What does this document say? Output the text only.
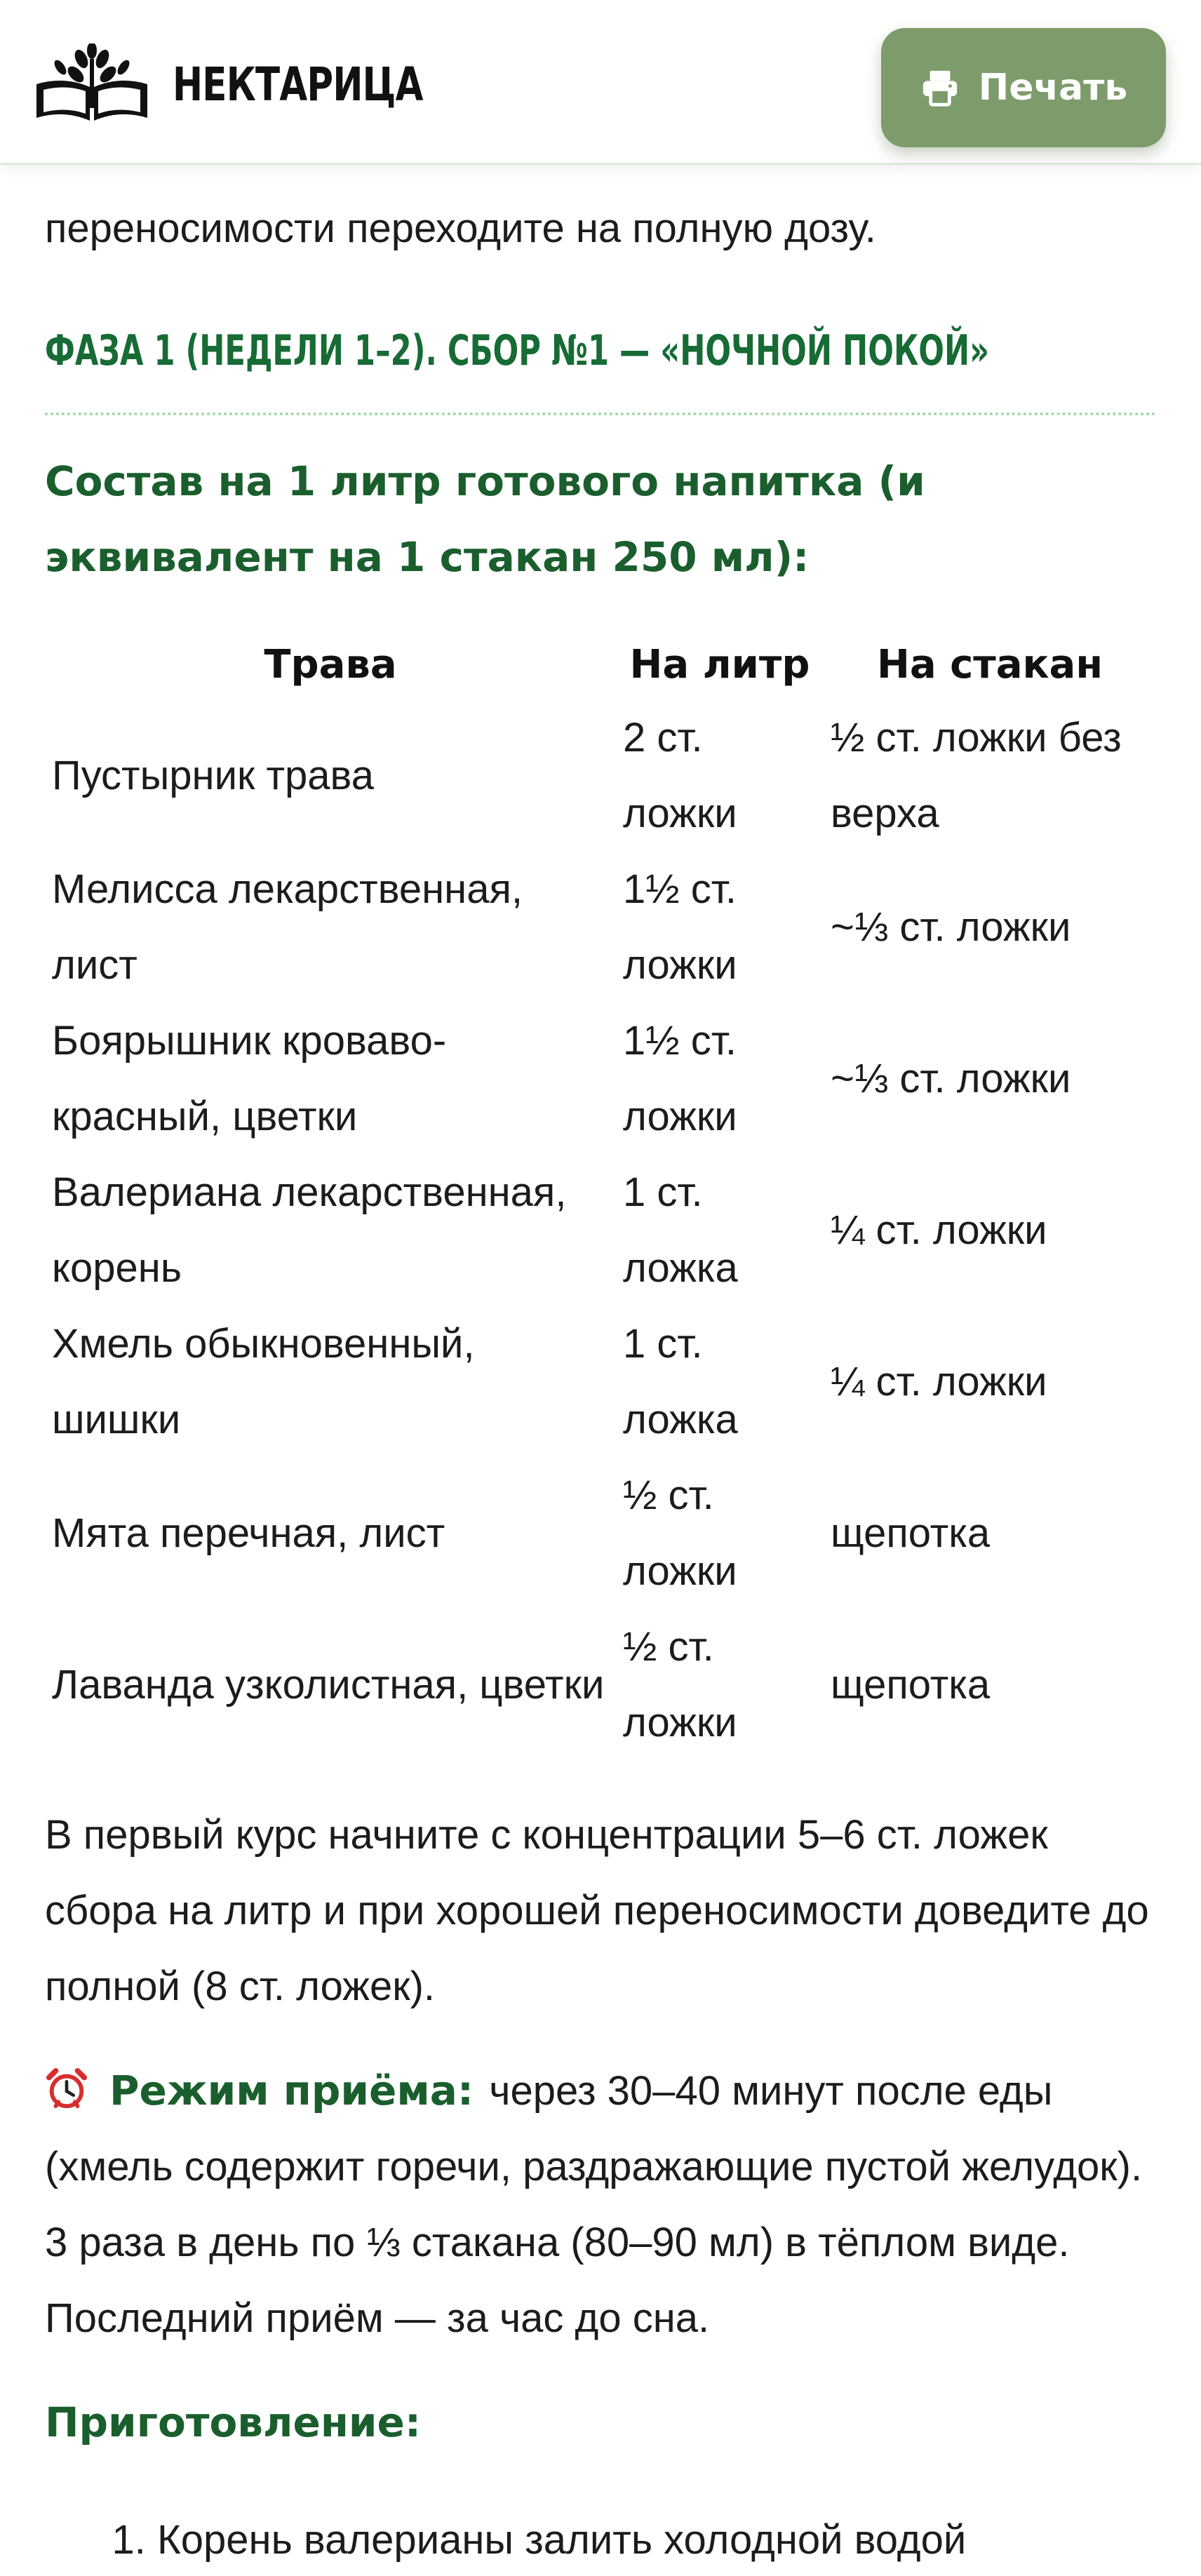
НЕКТАРИЦА	Печать

переносимости переходите на полную дозу.

ФАЗА 1 (НЕДЕЛИ 1–2). СБОР №1 — «НОЧНОЙ ПОКОЙ»
Состав на 1 литр готового напитка (и эквивалент на 1 стакан 250 мл):
Трава	На литр	На стакан
Пустырник трава	2 ст. ложки	½ ст. ложки без верха
Мелисса лекарственная, лист	1½ ст. ложки	~⅓ ст. ложки
Боярышник кроваво-красный, цветки	1½ ст. ложки	~⅓ ст. ложки
Валериана лекарственная, корень	1 ст. ложка	¼ ст. ложки
Хмель обыкновенный, шишки	1 ст. ложка	¼ ст. ложки
Мята перечная, лист	½ ст. ложки	щепотка
Лаванда узколистная, цветки	½ ст. ложки	щепотка

В первый курс начните с концентрации 5–6 ст. ложек сбора на литр и при хорошей переносимости доведите до полной (8 ст. ложек).

Режим приёма: через 30–40 минут после еды (хмель содержит горечи, раздражающие пустой желудок). 3 раза в день по ⅓ стакана (80–90 мл) в тёплом виде. Последний приём — за час до сна.

Приготовление:
1. Корень валерианы залить холодной водой
